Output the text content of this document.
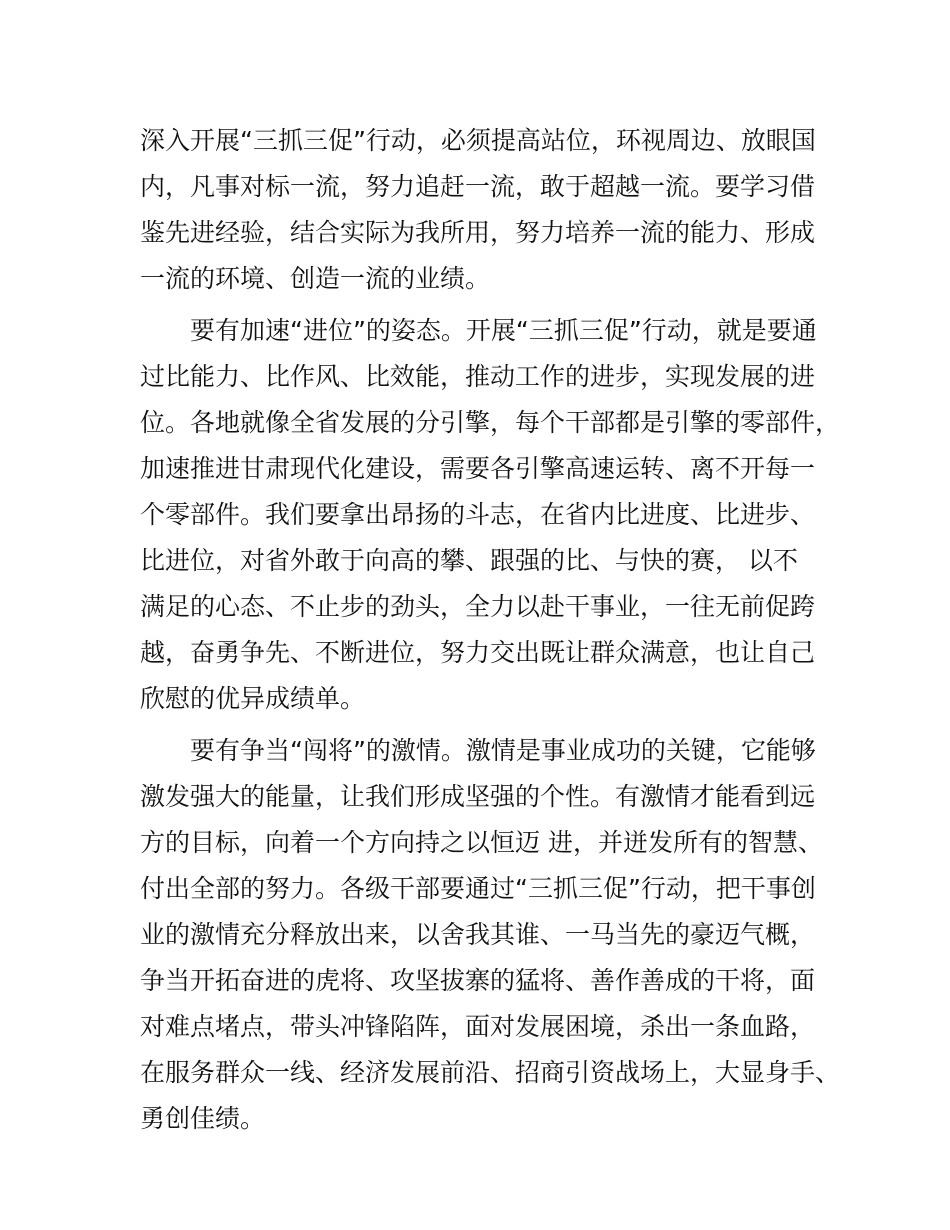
深入开展“三抓三促”行动，必须提高站位，环视周边、放眼国
内，凡事对标一流，努力追赶一流，敢于超越一流。要学习借
鉴先进经验，结合实际为我所用，努力培养一流的能力、形成
一流的环境、创造一流的业绩。

要有加速“进位”的姿态。开展“三抓三促”行动，就是要通
过比能力、比作风、比效能，推动工作的进步，实现发展的进
位。各地就像全省发展的分引擎，每个干部都是引擎的零部件，
加速推进甘肃现代化建设，需要各引擎高速运转、离不开每一
个零部件。我们要拿出昂扬的斗志，在省内比进度、比进步、
比进位，对省外敢于向高的攀、跟强的比、与快的赛， 以不
满足的心态、不止步的劲头，全力以赴干事业，一往无前促跨
越，奋勇争先、不断进位，努力交出既让群众满意，也让自己
欣慰的优异成绩单。

要有争当“闯将”的激情。激情是事业成功的关键，它能够
激发强大的能量，让我们形成坚强的个性。有激情才能看到远
方的目标，向着一个方向持之以恒迈 进，并迸发所有的智慧、
付出全部的努力。各级干部要通过“三抓三促”行动，把干事创
业的激情充分释放出来，以舍我其谁、一马当先的豪迈气概，
争当开拓奋进的虎将、攻坚拔寨的猛将、善作善成的干将，面
对难点堵点，带头冲锋陷阵，面对发展困境，杀出一条血路，
在服务群众一线、经济发展前沿、招商引资战场上，大显身手、
勇创佳绩。
